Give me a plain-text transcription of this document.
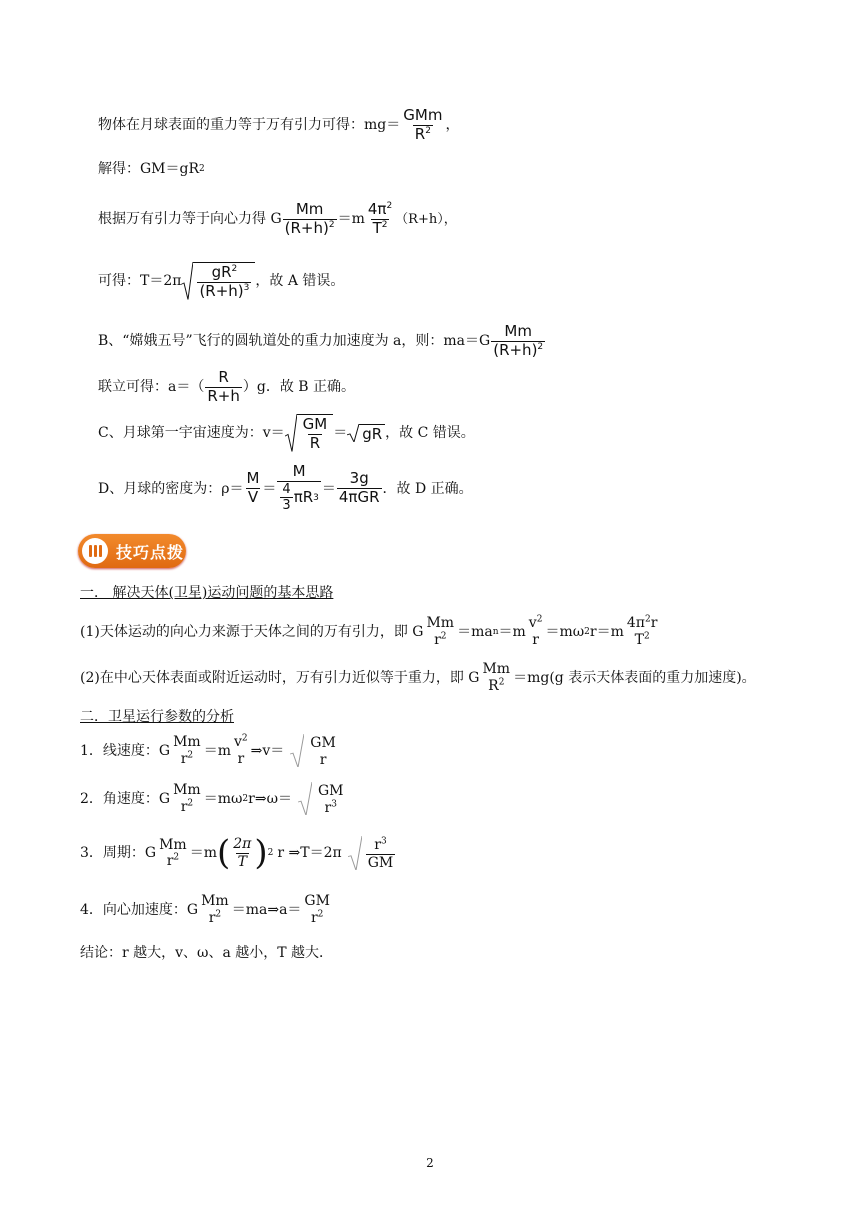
物体在月球表面的重力等于万有引力可得：$mg= \frac{\text{GMm}}{R^2}$ ，
解得：GM＝gR 2
根据万有引力等于向心力得 G $\frac{Mm}{(R+h)^2} =m \frac{4\pi^2}{T^2} (R+h)$，
可得：$T=2\pi \frac{gR^2}{(R+h)^3}$ ，故 A 错误。
B、“嫦娥五号”飞行的圆轨道处的重力加速度为 a，则：$ma=G \frac{Mm}{(R+h)^2}$
联立可得：$a=( \frac{R}{R+h} )g$．故 B 正确。
C、月球第一宇宙速度为：$v= \frac{GM}{R}$ ＝ gR ，故 C 错误。
D、月球的密度为：$\rho= \frac{M}{V} = \frac{M}{\frac{4}{3} \pi R 3} = \frac{3g}{\text{4πGR}}$ ．故 D 正确。
技巧点拨
一． 解决天体(卫星)运动问题的基本思路
(1)天体运动的向心力来源于天体之间的万有引力，即 G
Mm
$r^2 =ma$ n ＝m
$v^2$
r ＝mω 2 r＝m
$4\pi^2r$
$T^2$
(2)在中心天体表面或附近运动时，万有引力近似等于重力，即 G
Mm
$R^2 =mg(g$ 表示天体表面的重力加速度)。
二．卫星运行参数的分析
1．线速度：G
Mm
$r^2 =m$
$v^2$
r ⇒v＝ GM
r
2．角速度：G
Mm
$r^2 =m\omega$ 2 r⇒ω＝ GM
$r^3$
3．周期：G
Mm
$r^2 =m$ ( $\frac{2\pi}{T}$ ) 2 r ⇒T＝2π $\frac{r^3}{GM}$
4．向心加速度：G
Mm
$r^2$ ＝ma⇒a＝
GM
$r^2$
结论：r 越大，v、ω、a 越小，T 越大．
2
